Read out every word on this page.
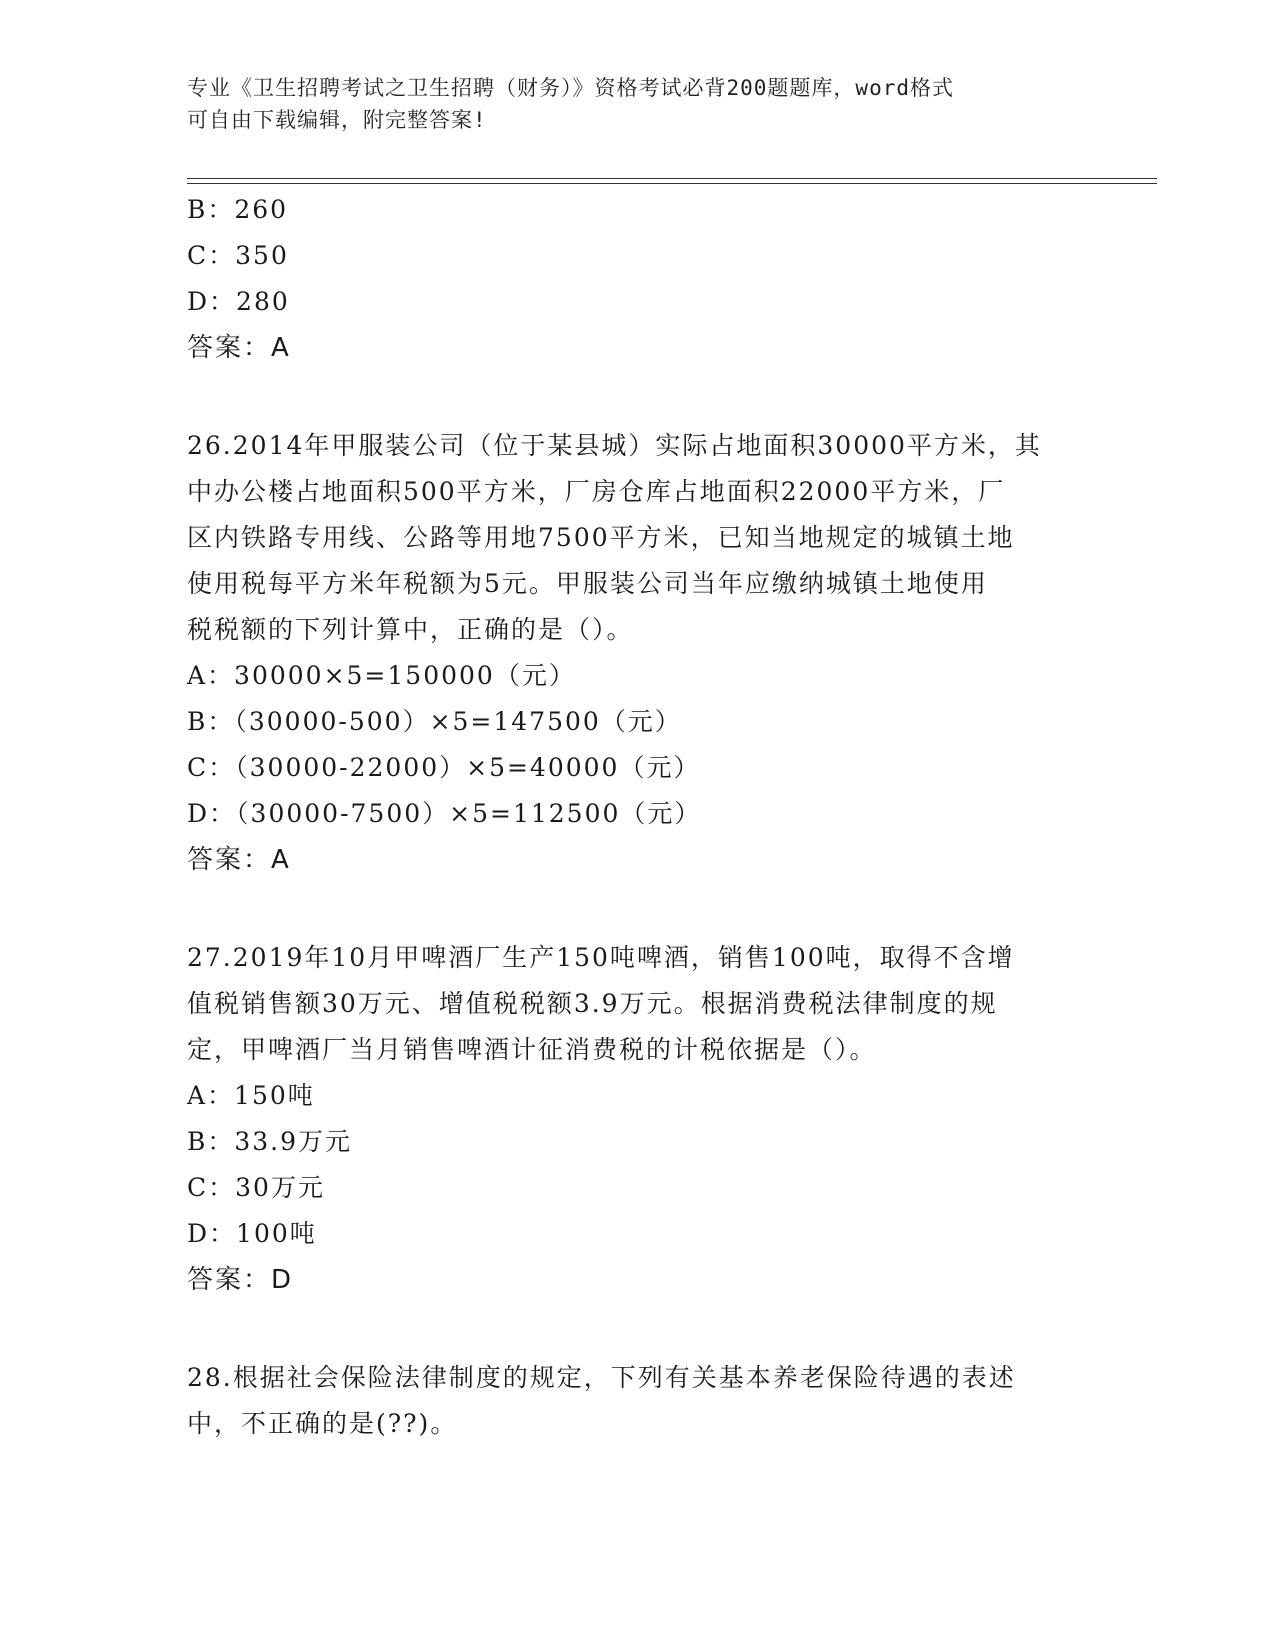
专业《卫生招聘考试之卫生招聘（财务）》资格考试必背200题题库，word格式
可自由下载编辑，附完整答案!
B：260
C：350
D：280
答案：A
26.2014年甲服装公司（位于某县城）实际占地面积30000平方米，其
中办公楼占地面积500平方米，厂房仓库占地面积22000平方米，厂
区内铁路专用线、公路等用地7500平方米，已知当地规定的城镇土地
使用税每平方米年税额为5元。甲服装公司当年应缴纳城镇土地使用
税税额的下列计算中，正确的是（）。
A：30000×5=150000（元）
B：（30000-500）×5=147500（元）
C：（30000-22000）×5=40000（元）
D：（30000-7500）×5=112500（元）
答案：A
27.2019年10月甲啤酒厂生产150吨啤酒，销售100吨，取得不含增
值税销售额30万元、增值税税额3.9万元。根据消费税法律制度的规
定，甲啤酒厂当月销售啤酒计征消费税的计税依据是（）。
A：150吨
B：33.9万元
C：30万元
D：100吨
答案：D
28.根据社会保险法律制度的规定，下列有关基本养老保险待遇的表述
中，不正确的是(??)。
